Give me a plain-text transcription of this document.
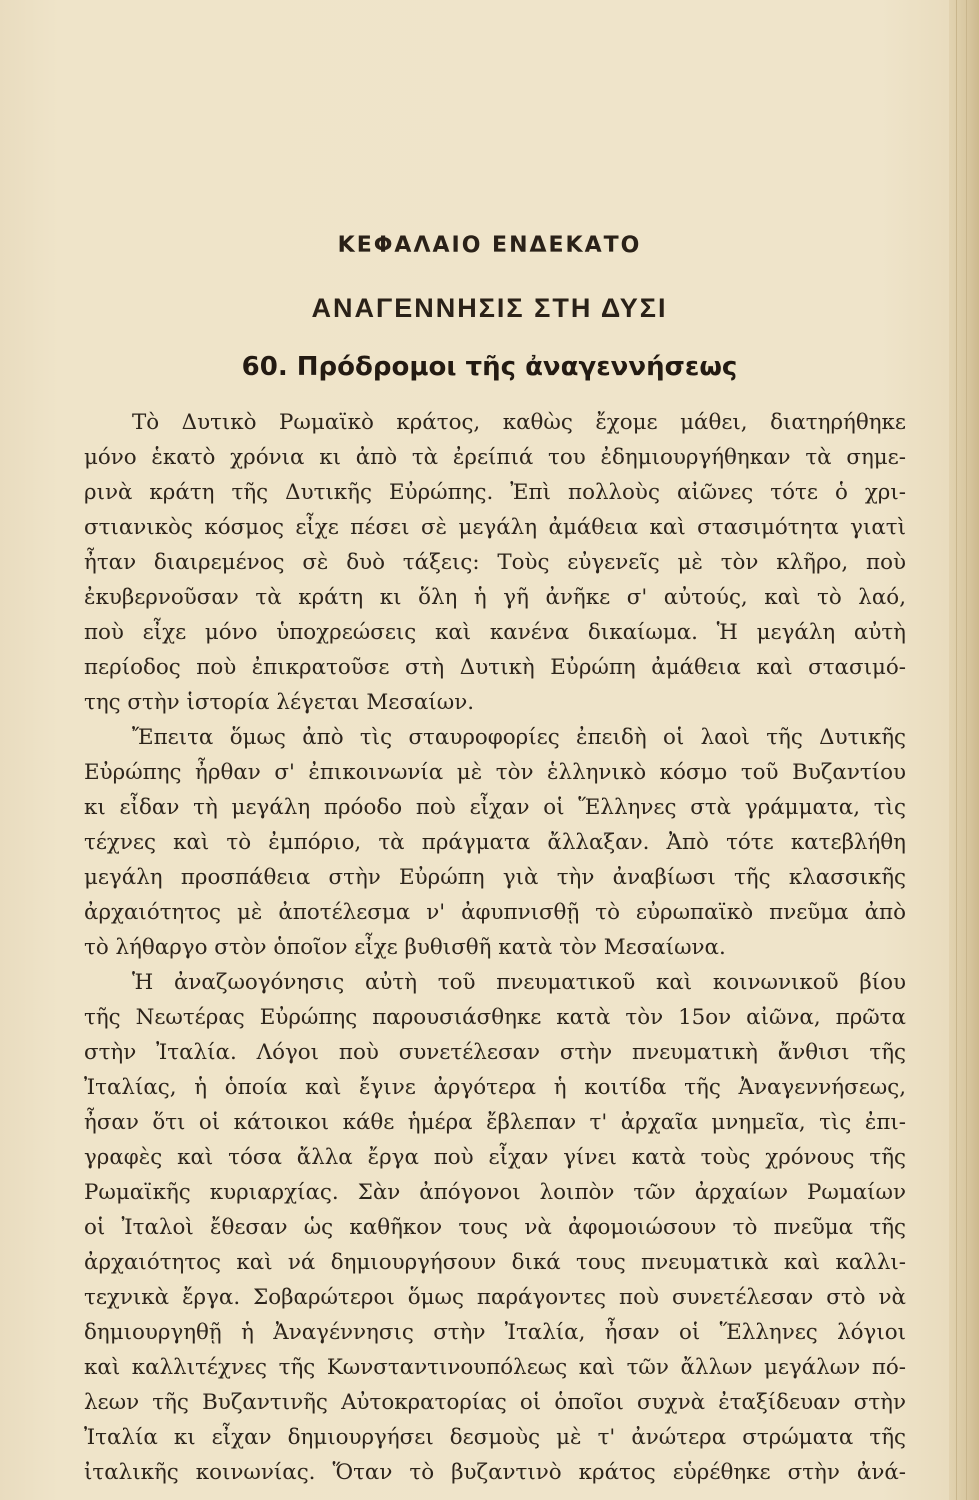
ΚΕΦΑΛΑΙΟ ΕΝΔΕΚΑΤΟ
ΑΝΑΓΕΝΝΗΣΙΣ ΣΤΗ ΔΥΣΙ
60. Πρόδρομοι τῆς ἀναγεννήσεως
Τὸ Δυτικὸ Ρωμαϊκὸ κράτος, καθὼς ἔχομε μάθει, διατηρήθηκε
μόνο ἑκατὸ χρόνια κι ἀπὸ τὰ ἐρείπιά του ἐδημιουργήθηκαν τὰ σημε-
ρινὰ κράτη τῆς Δυτικῆς Εὐρώπης. Ἐπὶ πολλοὺς αἰῶνες τότε ὁ χρι-
στιανικὸς κόσμος εἶχε πέσει σὲ μεγάλη ἀμάθεια καὶ στασιμότητα γιατὶ
ἦταν διαιρεμένος σὲ δυὸ τάξεις: Τοὺς εὐγενεῖς μὲ τὸν κλῆρο, ποὺ
ἐκυβερνοῦσαν τὰ κράτη κι ὅλη ἡ γῆ ἀνῆκε σ' αὐτούς, καὶ τὸ λαό,
ποὺ εἶχε μόνο ὑποχρεώσεις καὶ κανένα δικαίωμα. Ἡ μεγάλη αὐτὴ
περίοδος ποὺ ἐπικρατοῦσε στὴ Δυτικὴ Εὐρώπη ἀμάθεια καὶ στασιμό-
της στὴν ἱστορία λέγεται Μεσαίων.
Ἔπειτα ὅμως ἀπὸ τὶς σταυροφορίες ἐπειδὴ οἱ λαοὶ τῆς Δυτικῆς
Εὐρώπης ἦρθαν σ' ἐπικοινωνία μὲ τὸν ἑλληνικὸ κόσμο τοῦ Βυζαντίου
κι εἶδαν τὴ μεγάλη πρόοδο ποὺ εἶχαν οἱ Ἕλληνες στὰ γράμματα, τὶς
τέχνες καὶ τὸ ἐμπόριο, τὰ πράγματα ἄλλαξαν. Ἀπὸ τότε κατεβλήθη
μεγάλη προσπάθεια στὴν Εὐρώπη γιὰ τὴν ἀναβίωσι τῆς κλασσικῆς
ἀρχαιότητος μὲ ἀποτέλεσμα ν' ἀφυπνισθῇ τὸ εὐρωπαϊκὸ πνεῦμα ἀπὸ
τὸ λήθαργο στὸν ὁποῖον εἶχε βυθισθῆ κατὰ τὸν Μεσαίωνα.
Ἡ ἀναζωογόνησις αὐτὴ τοῦ πνευματικοῦ καὶ κοινωνικοῦ βίου
τῆς Νεωτέρας Εὐρώπης παρουσιάσθηκε κατὰ τὸν 15ον αἰῶνα, πρῶτα
στὴν Ἰταλία. Λόγοι ποὺ συνετέλεσαν στὴν πνευματικὴ ἄνθισι τῆς
Ἰταλίας, ἡ ὁποία καὶ ἔγινε ἀργότερα ἡ κοιτίδα τῆς Ἀναγεννήσεως,
ἦσαν ὅτι οἱ κάτοικοι κάθε ἡμέρα ἔβλεπαν τ' ἀρχαῖα μνημεῖα, τὶς ἐπι-
γραφὲς καὶ τόσα ἄλλα ἔργα ποὺ εἶχαν γίνει κατὰ τοὺς χρόνους τῆς
Ρωμαϊκῆς κυριαρχίας. Σὰν ἀπόγονοι λοιπὸν τῶν ἀρχαίων Ρωμαίων
οἱ Ἰταλοὶ ἔθεσαν ὡς καθῆκον τους νὰ ἀφομοιώσουν τὸ πνεῦμα τῆς
ἀρχαιότητος καὶ νά δημιουργήσουν δικά τους πνευματικὰ καὶ καλλι-
τεχνικὰ ἔργα. Σοβαρώτεροι ὅμως παράγοντες ποὺ συνετέλεσαν στὸ νὰ
δημιουργηθῇ ἡ Ἀναγέννησις στὴν Ἰταλία, ἦσαν οἱ Ἕλληνες λόγιοι
καὶ καλλιτέχνες τῆς Κωνσταντινουπόλεως καὶ τῶν ἄλλων μεγάλων πό-
λεων τῆς Βυζαντινῆς Αὐτοκρατορίας οἱ ὁποῖοι συχνὰ ἐταξίδευαν στὴν
Ἰταλία κι εἶχαν δημιουργήσει δεσμοὺς μὲ τ' ἀνώτερα στρώματα τῆς
ἰταλικῆς κοινωνίας. Ὅταν τὸ βυζαντινὸ κράτος εὑρέθηκε στὴν ἀνά-
